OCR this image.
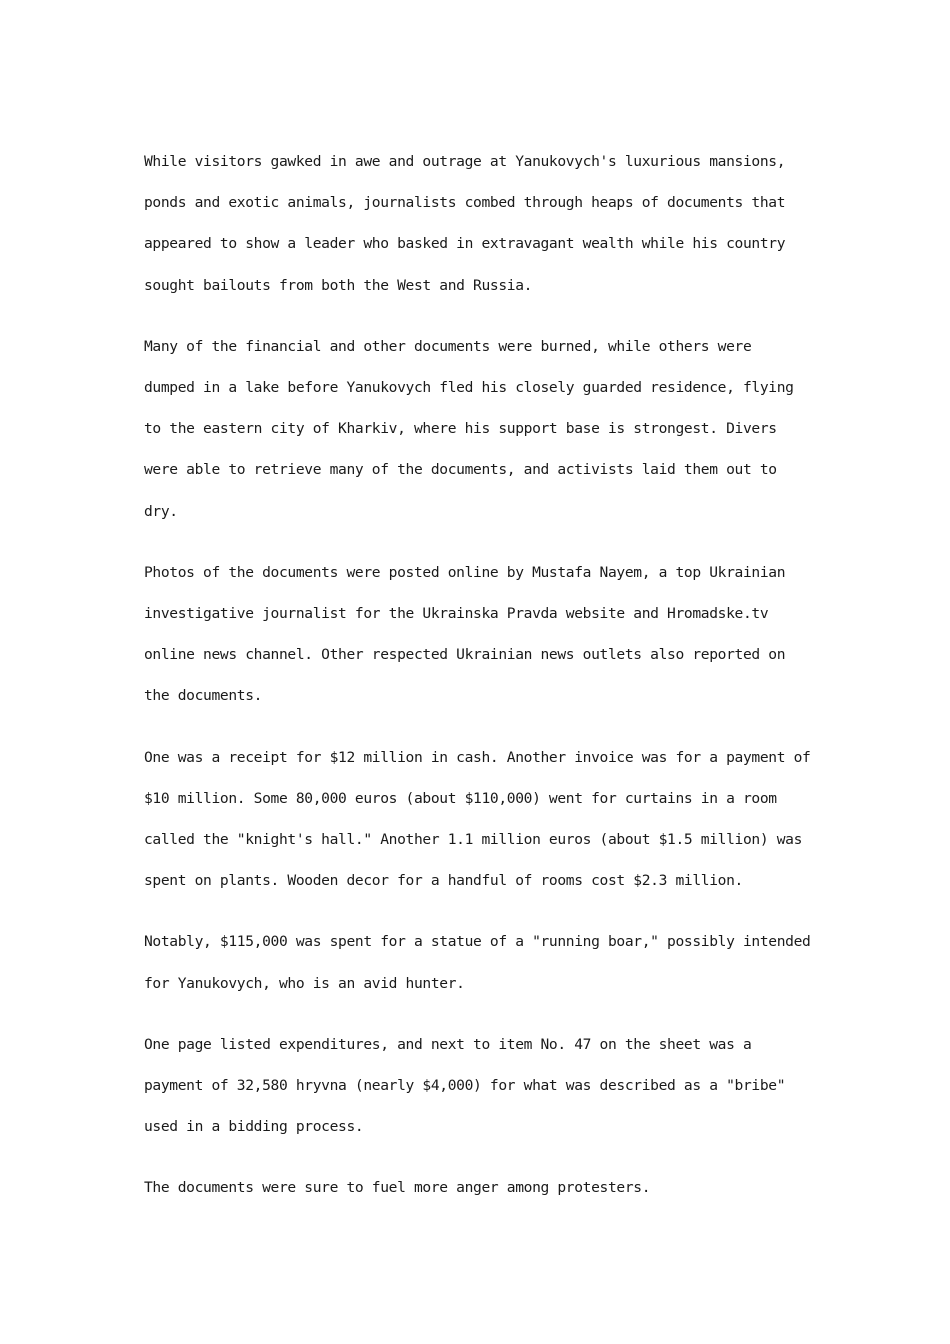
While visitors gawked in awe and outrage at Yanukovych's luxurious mansions,
ponds and exotic animals, journalists combed through heaps of documents that
appeared to show a leader who basked in extravagant wealth while his country
sought bailouts from both the West and Russia.

Many of the financial and other documents were burned, while others were
dumped in a lake before Yanukovych fled his closely guarded residence, flying
to the eastern city of Kharkiv, where his support base is strongest. Divers
were able to retrieve many of the documents, and activists laid them out to
dry.

Photos of the documents were posted online by Mustafa Nayem, a top Ukrainian
investigative journalist for the Ukrainska Pravda website and Hromadske.tv
online news channel. Other respected Ukrainian news outlets also reported on
the documents.

One was a receipt for $12 million in cash. Another invoice was for a payment of
$10 million. Some 80,000 euros (about $110,000) went for curtains in a room
called the "knight's hall." Another 1.1 million euros (about $1.5 million) was
spent on plants. Wooden decor for a handful of rooms cost $2.3 million.

Notably, $115,000 was spent for a statue of a "running boar," possibly intended
for Yanukovych, who is an avid hunter.

One page listed expenditures, and next to item No. 47 on the sheet was a
payment of 32,580 hryvna (nearly $4,000) for what was described as a "bribe"
used in a bidding process.

The documents were sure to fuel more anger among protesters.
